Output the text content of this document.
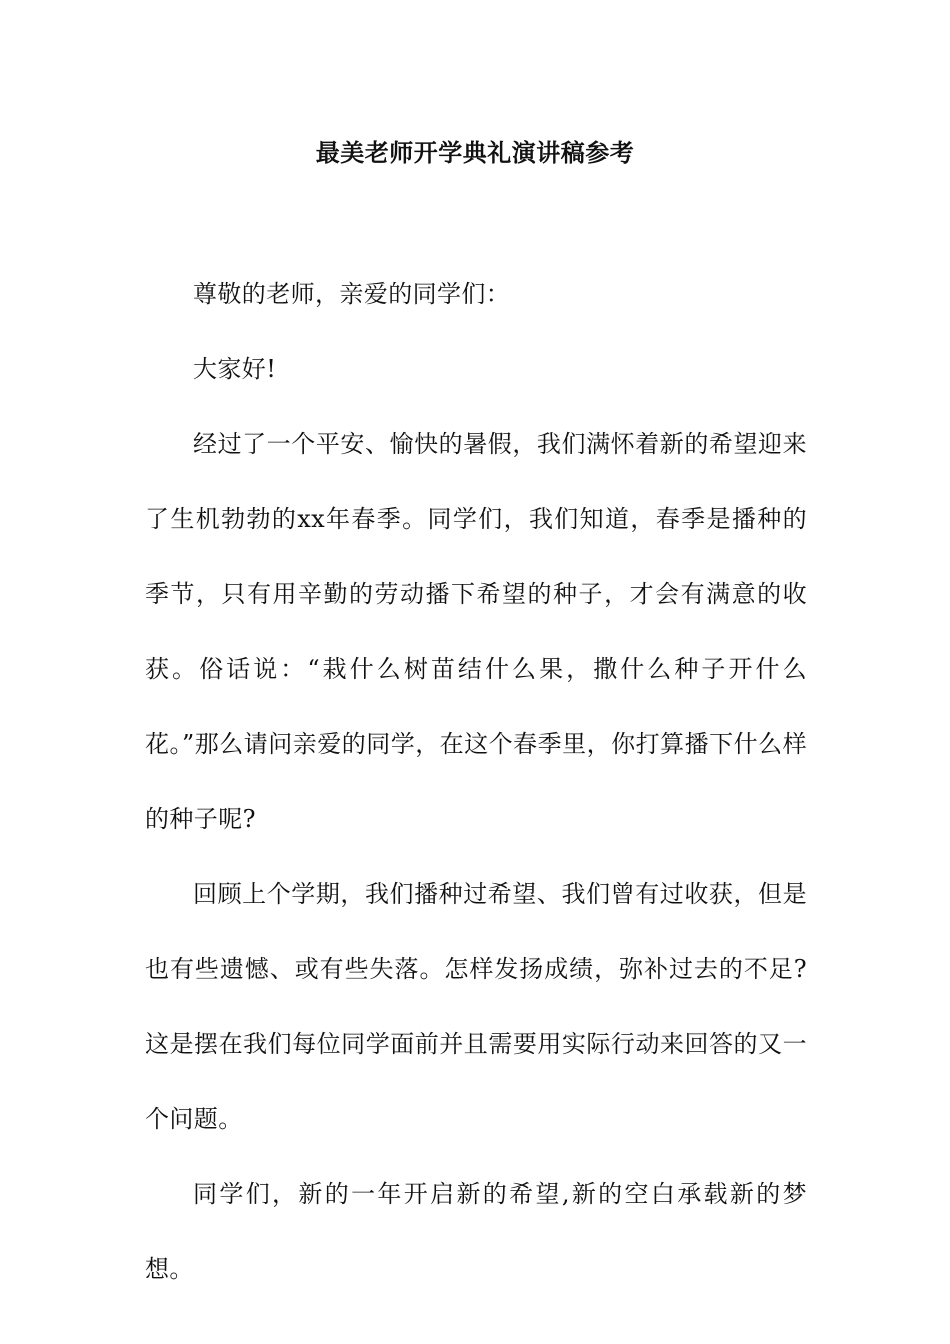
最美老师开学典礼演讲稿参考

尊敬的老师，亲爱的同学们：

大家好!

经过了一个平安、愉快的暑假，我们满怀着新的希望迎来了生机勃勃的xx年春季。同学们，我们知道，春季是播种的季节，只有用辛勤的劳动播下希望的种子，才会有满意的收获。俗话说：“栽什么树苗结什么果，撒什么种子开什么花。”那么请问亲爱的同学，在这个春季里，你打算播下什么样的种子呢?

回顾上个学期，我们播种过希望、我们曾有过收获，但是也有些遗憾、或有些失落。怎样发扬成绩，弥补过去的不足?这是摆在我们每位同学面前并且需要用实际行动来回答的又一个问题。

同学们，新的一年开启新的希望,新的空白承载新的梦想。
